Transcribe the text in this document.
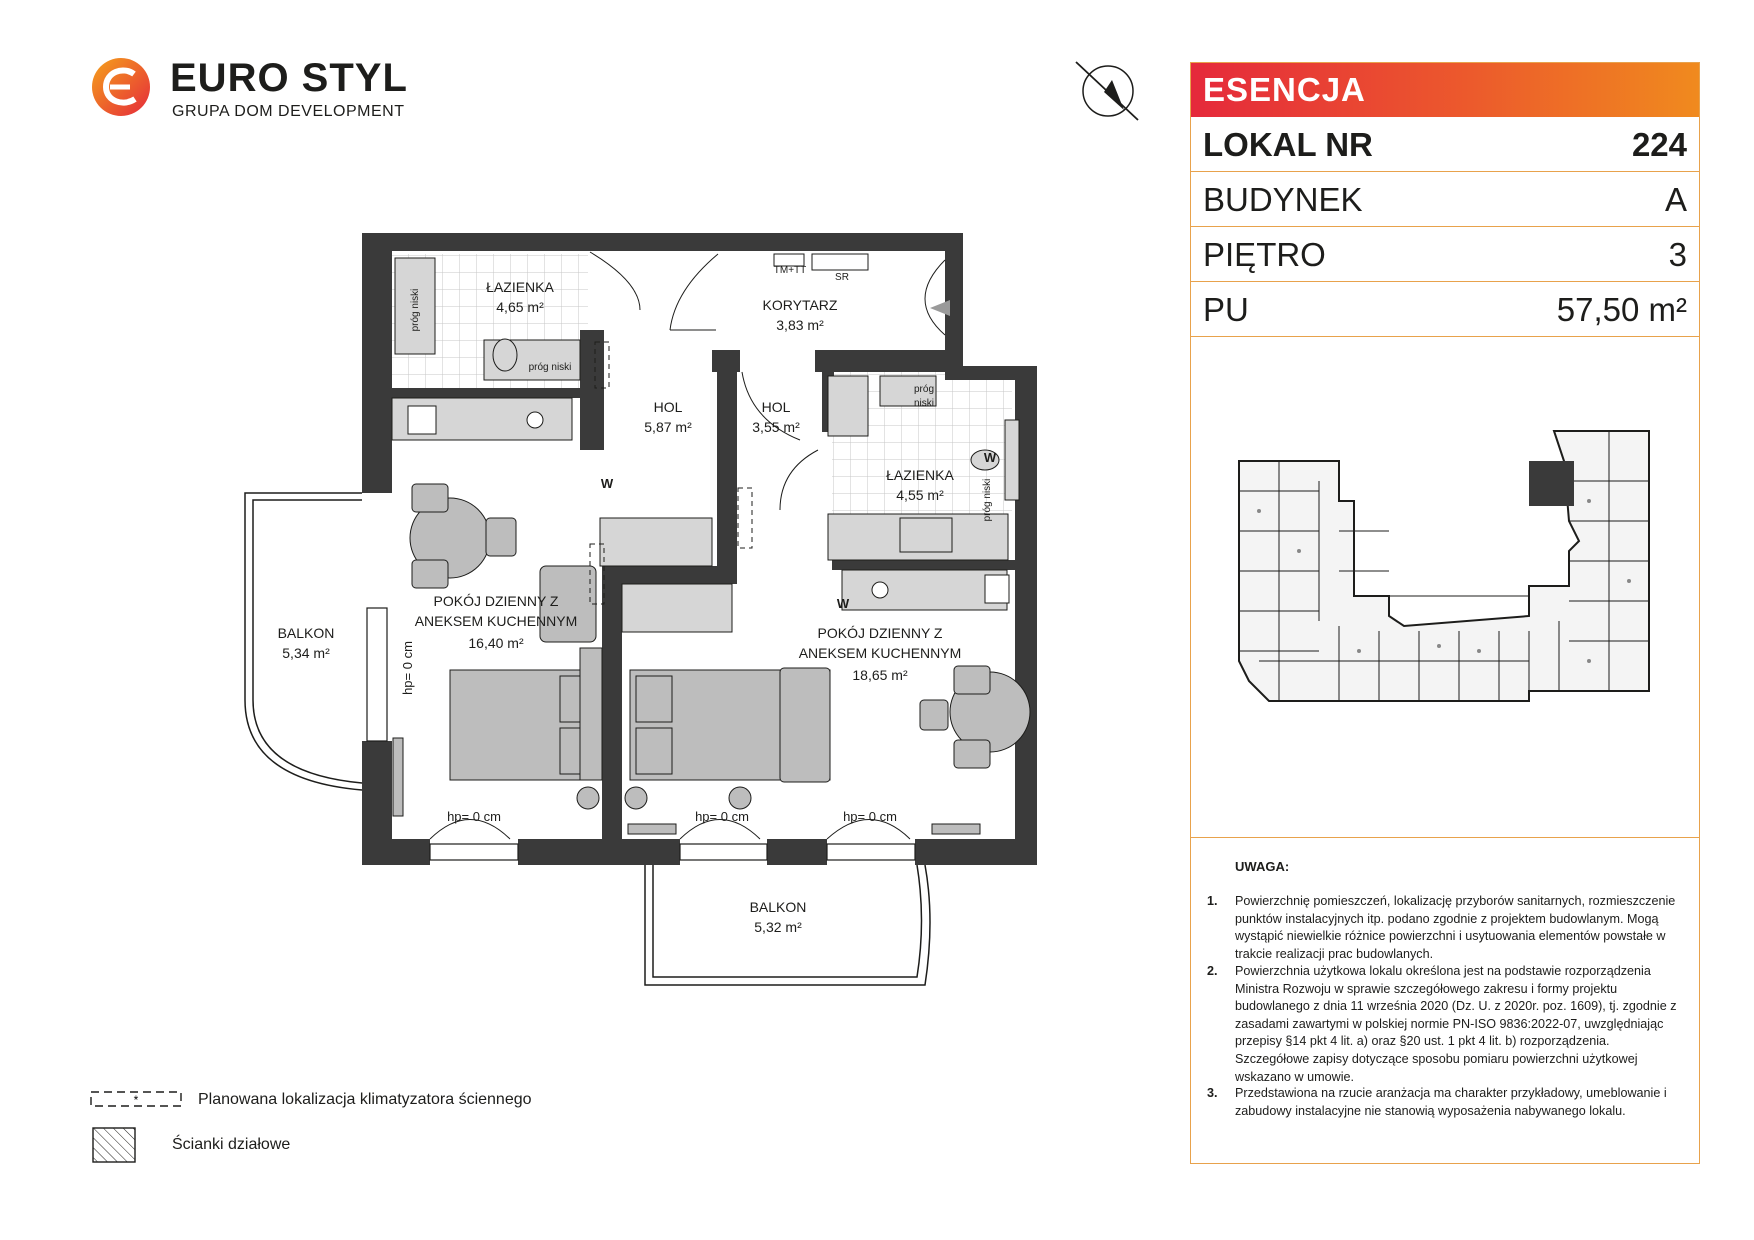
EURO STYL
GRUPA DOM DEVELOPMENT
ESENCJA
LOKAL NR	224
BUDYNEK	A
PIĘTRO	3
PU	57,50 m²
UWAGA:
1. Powierzchnię pomieszczeń, lokalizację przyborów sanitarnych, rozmieszczenie punktów instalacyjnych itp. podano zgodnie z projektem budowlanym. Mogą wystąpić niewielkie różnice powierzchni i usytuowania elementów powstałe w trakcie realizacji prac budowlanych.
2. Powierzchnia użytkowa lokalu określona jest na podstawie rozporządzenia Ministra Rozwoju w sprawie szczegółowego zakresu i formy projektu budowlanego z dnia 11 września 2020 (Dz. U. z 2020r. poz. 1609), tj. zgodnie z zasadami zawartymi w polskiej normie PN-ISO 9836:2022-07, uwzględniając przepisy §14 pkt 4 lit. a) oraz §20 ust. 1 pkt 4 lit. b) rozporządzenia. Szczegółowe zapisy dotyczące sposobu pomiaru powierzchni użytkowej wskazano w umowie.
3. Przedstawiona na rzucie aranżacja ma charakter przykładowy, umeblowanie i zabudowy instalacyjne nie stanowią wyposażenia nabywanego lokalu.
*	Planowana lokalizacja klimatyzatora ściennego
Ścianki działowe
ŁAZIENKA
4,65 m²	KORYTARZ
3,83 m²
HOL
5,87 m²
HOL
3,55 m²
ŁAZIENKA
4,55 m²
POKÓJ DZIENNY Z
ANEKSEM KUCHENNYM
16,40 m²
POKÓJ DZIENNY Z
ANEKSEM KUCHENNYM
18,65 m²
BALKON
5,34 m²
BALKON
5,32 m²
próg niski
próg niski
próg
niski
próg niski
TM+TT
SR
W
W
W
hp= 0 cm	hp= 0 cm	hp= 0 cm
hp= 0 cm
